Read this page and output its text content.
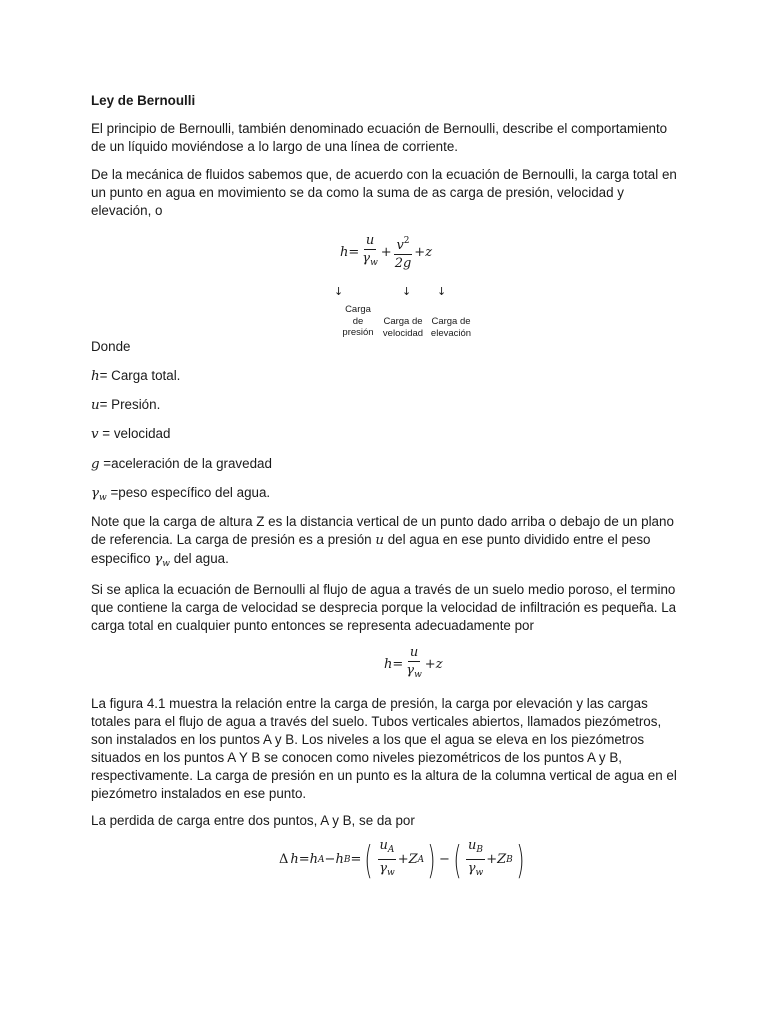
Ley de Bernoulli

El principio de Bernoulli, también denominado ecuación de Bernoulli, describe el comportamiento de un líquido moviéndose a lo largo de una línea de corriente.

De la mecánica de fluidos sabemos que, de acuerdo con la ecuación de Bernoulli, la carga total en un punto en agua en movimiento se da como la suma de as carga de presión, velocidad y elevación, o

$h = \frac{u}{\gamma_w} + \frac{v^2}{2g} + z$
↓	↓ ↓
Carga
de
presión
Carga de
velocidad
Carga de
elevación
Donde
h= Carga total.
u= Presión.
v = velocidad
g =aceleración de la gravedad
$\gamma_w$ =peso específico del agua.

Note que la carga de altura Z es la distancia vertical de un punto dado arriba o debajo de un plano de referencia. La carga de presión es a presión u del agua en ese punto dividido entre el peso especifico $\gamma_w$ del agua.

Si se aplica la ecuación de Bernoulli al flujo de agua a través de un suelo medio poroso, el termino que contiene la carga de velocidad se desprecia porque la velocidad de infiltración es pequeña. La carga total en cualquier punto entonces se representa adecuadamente por

$h = \frac{u}{\gamma_w} + z$

La figura 4.1 muestra la relación entre la carga de presión, la carga por elevación y las cargas totales para el flujo de agua a través del suelo. Tubos verticales abiertos, llamados piezómetros, son instalados en los puntos A y B. Los niveles a los que el agua se eleva en los piezómetros situados en los puntos A Y B se conocen como niveles piezométricos de los puntos A y B, respectivamente. La carga de presión en un punto es la altura de la columna vertical de agua en el piezómetro instalados en ese punto.

La perdida de carga entre dos puntos, A y B, se da por

Δ h = h A − h B = ( $\frac{u_A}{\gamma_w} + Z$ A ) − ( $\frac{u_B}{\gamma_w} + Z$ B )
